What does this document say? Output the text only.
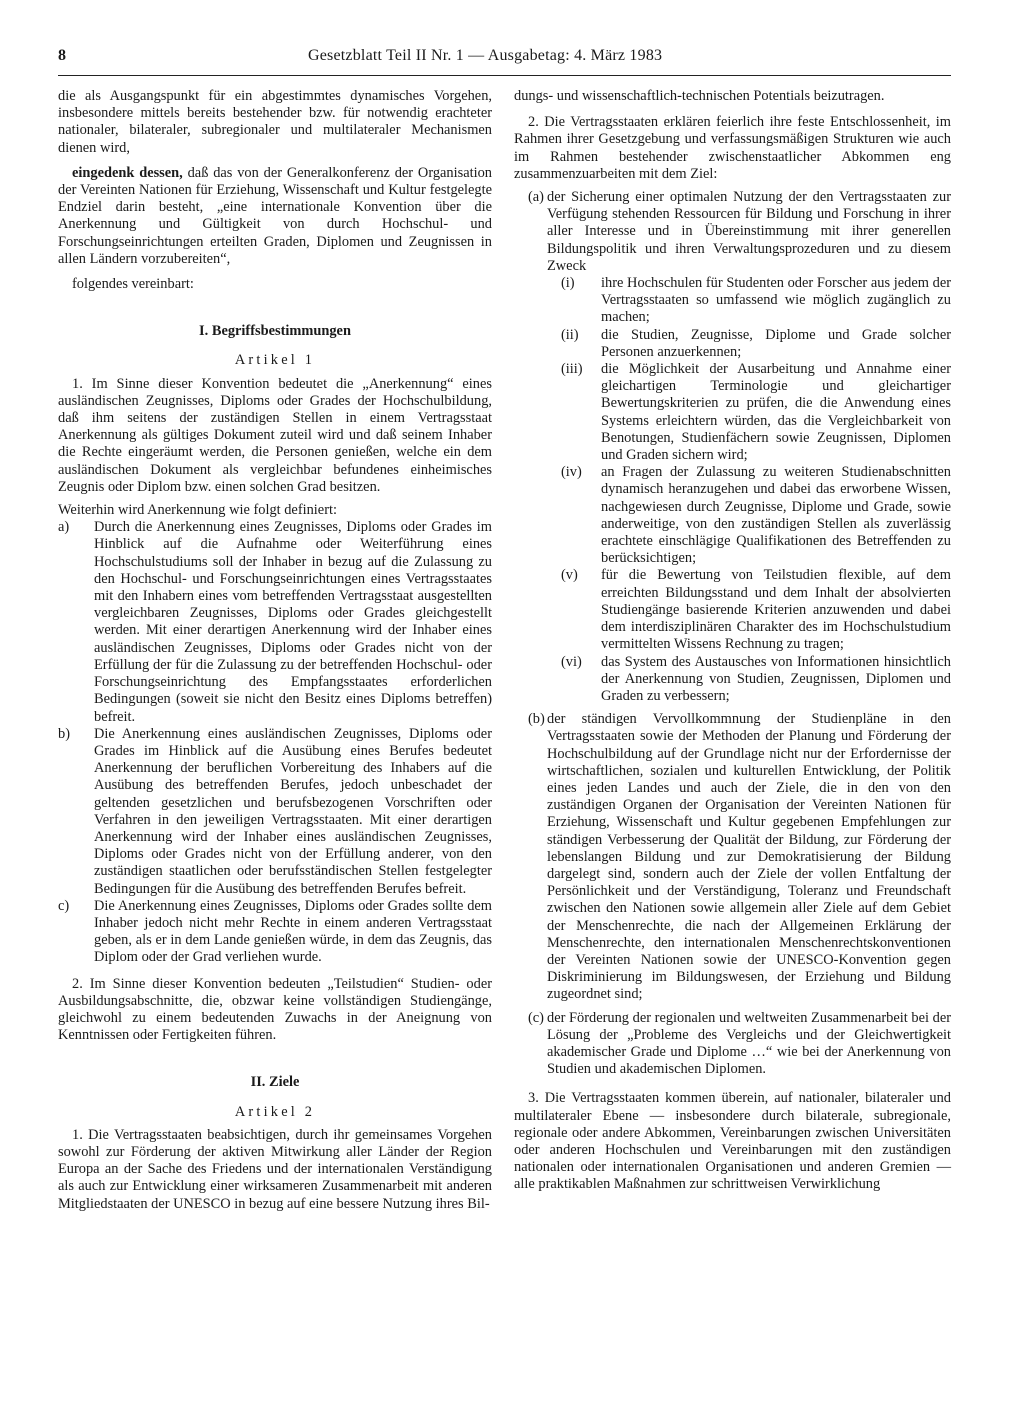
8	Gesetzblatt Teil II Nr. 1 — Ausgabetag: 4. März 1983

die als Ausgangspunkt für ein abgestimmtes dynamisches Vorgehen, insbesondere mittels bereits bestehender bzw. für notwendig erachteter nationaler, bilateraler, subregionaler und multilateraler Mechanismen dienen wird,

eingedenk dessen, daß das von der Generalkonferenz der Organisation der Vereinten Nationen für Erziehung, Wissenschaft und Kultur festgelegte Endziel darin besteht, „eine internationale Konvention über die Anerkennung und Gültigkeit von durch Hochschul- und Forschungseinrichtungen erteilten Graden, Diplomen und Zeugnissen in allen Ländern vorzubereiten“,

folgendes vereinbart:

I. Begriffsbestimmungen

Artikel 1

1. Im Sinne dieser Konvention bedeutet die „Anerkennung“ eines ausländischen Zeugnisses, Diploms oder Grades der Hochschulbildung, daß ihm seitens der zuständigen Stellen in einem Vertragsstaat Anerkennung als gültiges Dokument zuteil wird und daß seinem Inhaber die Rechte eingeräumt werden, die Personen genießen, welche ein dem ausländischen Dokument als vergleichbar befundenes einheimisches Zeugnis oder Diplom bzw. einen solchen Grad besitzen.

Weiterhin wird Anerkennung wie folgt definiert:

a)	Durch die Anerkennung eines Zeugnisses, Diploms oder Grades im Hinblick auf die Aufnahme oder Weiterführung eines Hochschulstudiums soll der Inhaber in bezug auf die Zulassung zu den Hochschul- und Forschungseinrichtungen eines Vertragsstaates mit den Inhabern eines vom betreffenden Vertragsstaat ausgestellten vergleichbaren Zeugnisses, Diploms oder Grades gleichgestellt werden. Mit einer derartigen Anerkennung wird der Inhaber eines ausländischen Zeugnisses, Diploms oder Grades nicht von der Erfüllung der für die Zulassung zu der betreffenden Hochschul- oder Forschungseinrichtung des Empfangsstaates erforderlichen Bedingungen (soweit sie nicht den Besitz eines Diploms betreffen) befreit.
b)	Die Anerkennung eines ausländischen Zeugnisses, Diploms oder Grades im Hinblick auf die Ausübung eines Berufes bedeutet Anerkennung der beruflichen Vorbereitung des Inhabers auf die Ausübung des betreffenden Berufes, jedoch unbeschadet der geltenden gesetzlichen und berufsbezogenen Vorschriften oder Verfahren in den jeweiligen Vertragsstaaten. Mit einer derartigen Anerkennung wird der Inhaber eines ausländischen Zeugnisses, Diploms oder Grades nicht von der Erfüllung anderer, von den zuständigen staatlichen oder berufsständischen Stellen festgelegter Bedingungen für die Ausübung des betreffenden Berufes befreit.
c)	Die Anerkennung eines Zeugnisses, Diploms oder Grades sollte dem Inhaber jedoch nicht mehr Rechte in einem anderen Vertragsstaat geben, als er in dem Lande genießen würde, in dem das Zeugnis, das Diplom oder der Grad verliehen wurde.

2. Im Sinne dieser Konvention bedeuten „Teilstudien“ Studien- oder Ausbildungsabschnitte, die, obzwar keine vollständigen Studiengänge, gleichwohl zu einem bedeutenden Zuwachs in der Aneignung von Kenntnissen oder Fertigkeiten führen.

II. Ziele

Artikel 2

1. Die Vertragsstaaten beabsichtigen, durch ihr gemeinsames Vorgehen sowohl zur Förderung der aktiven Mitwirkung aller Länder der Region Europa an der Sache des Friedens und der internationalen Verständigung als auch zur Entwicklung einer wirksameren Zusammenarbeit mit anderen Mitgliedstaaten der UNESCO in bezug auf eine bessere Nutzung ihres Bil-

dungs- und wissenschaftlich-technischen Potentials beizutragen.

2. Die Vertragsstaaten erklären feierlich ihre feste Entschlossenheit, im Rahmen ihrer Gesetzgebung und verfassungsmäßigen Strukturen wie auch im Rahmen bestehender zwischenstaatlicher Abkommen eng zusammenzuarbeiten mit dem Ziel:

(a) der Sicherung einer optimalen Nutzung der den Vertragsstaaten zur Verfügung stehenden Ressourcen für Bildung und Forschung in ihrer aller Interesse und in Übereinstimmung mit ihrer generellen Bildungspolitik und ihren Verwaltungsprozeduren und zu diesem Zweck
(i)	ihre Hochschulen für Studenten oder Forscher aus jedem der Vertragsstaaten so umfassend wie möglich zugänglich zu machen;
(ii)	die Studien, Zeugnisse, Diplome und Grade solcher Personen anzuerkennen;
(iii)	die Möglichkeit der Ausarbeitung und Annahme einer gleichartigen Terminologie und gleichartiger Bewertungskriterien zu prüfen, die die Anwendung eines Systems erleichtern würden, das die Vergleichbarkeit von Benotungen, Studienfächern sowie Zeugnissen, Diplomen und Graden sichern wird;
(iv)	an Fragen der Zulassung zu weiteren Studienabschnitten dynamisch heranzugehen und dabei das erworbene Wissen, nachgewiesen durch Zeugnisse, Diplome und Grade, sowie anderweitige, von den zuständigen Stellen als zuverlässig erachtete einschlägige Qualifikationen des Betreffenden zu berücksichtigen;
(v)	für die Bewertung von Teilstudien flexible, auf dem erreichten Bildungsstand und dem Inhalt der absolvierten Studiengänge basierende Kriterien anzuwenden und dabei dem interdisziplinären Charakter des im Hochschulstudium vermittelten Wissens Rechnung zu tragen;
(vi)	das System des Austausches von Informationen hinsichtlich der Anerkennung von Studien, Zeugnissen, Diplomen und Graden zu verbessern;
(b) der ständigen Vervollkommnung der Studienpläne in den Vertragsstaaten sowie der Methoden der Planung und Förderung der Hochschulbildung auf der Grundlage nicht nur der Erfordernisse der wirtschaftlichen, sozialen und kulturellen Entwicklung, der Politik eines jeden Landes und auch der Ziele, die in den von den zuständigen Organen der Organisation der Vereinten Nationen für Erziehung, Wissenschaft und Kultur gegebenen Empfehlungen zur ständigen Verbesserung der Qualität der Bildung, zur Förderung der lebenslangen Bildung und zur Demokratisierung der Bildung dargelegt sind, sondern auch der Ziele der vollen Entfaltung der Persönlichkeit und der Verständigung, Toleranz und Freundschaft zwischen den Nationen sowie allgemein aller Ziele auf dem Gebiet der Menschenrechte, die nach der Allgemeinen Erklärung der Menschenrechte, den internationalen Menschenrechtskonventionen der Vereinten Nationen sowie der UNESCO-Konvention gegen Diskriminierung im Bildungswesen, der Erziehung und Bildung zugeordnet sind;
(c) der Förderung der regionalen und weltweiten Zusammenarbeit bei der Lösung der „Probleme des Vergleichs und der Gleichwertigkeit akademischer Grade und Diplome …“ wie bei der Anerkennung von Studien und akademischen Diplomen.

3. Die Vertragsstaaten kommen überein, auf nationaler, bilateraler und multilateraler Ebene — insbesondere durch bilaterale, subregionale, regionale oder andere Abkommen, Vereinbarungen zwischen Universitäten oder anderen Hochschulen und Vereinbarungen mit den zuständigen nationalen oder internationalen Organisationen und anderen Gremien — alle praktikablen Maßnahmen zur schrittweisen Verwirklichung
